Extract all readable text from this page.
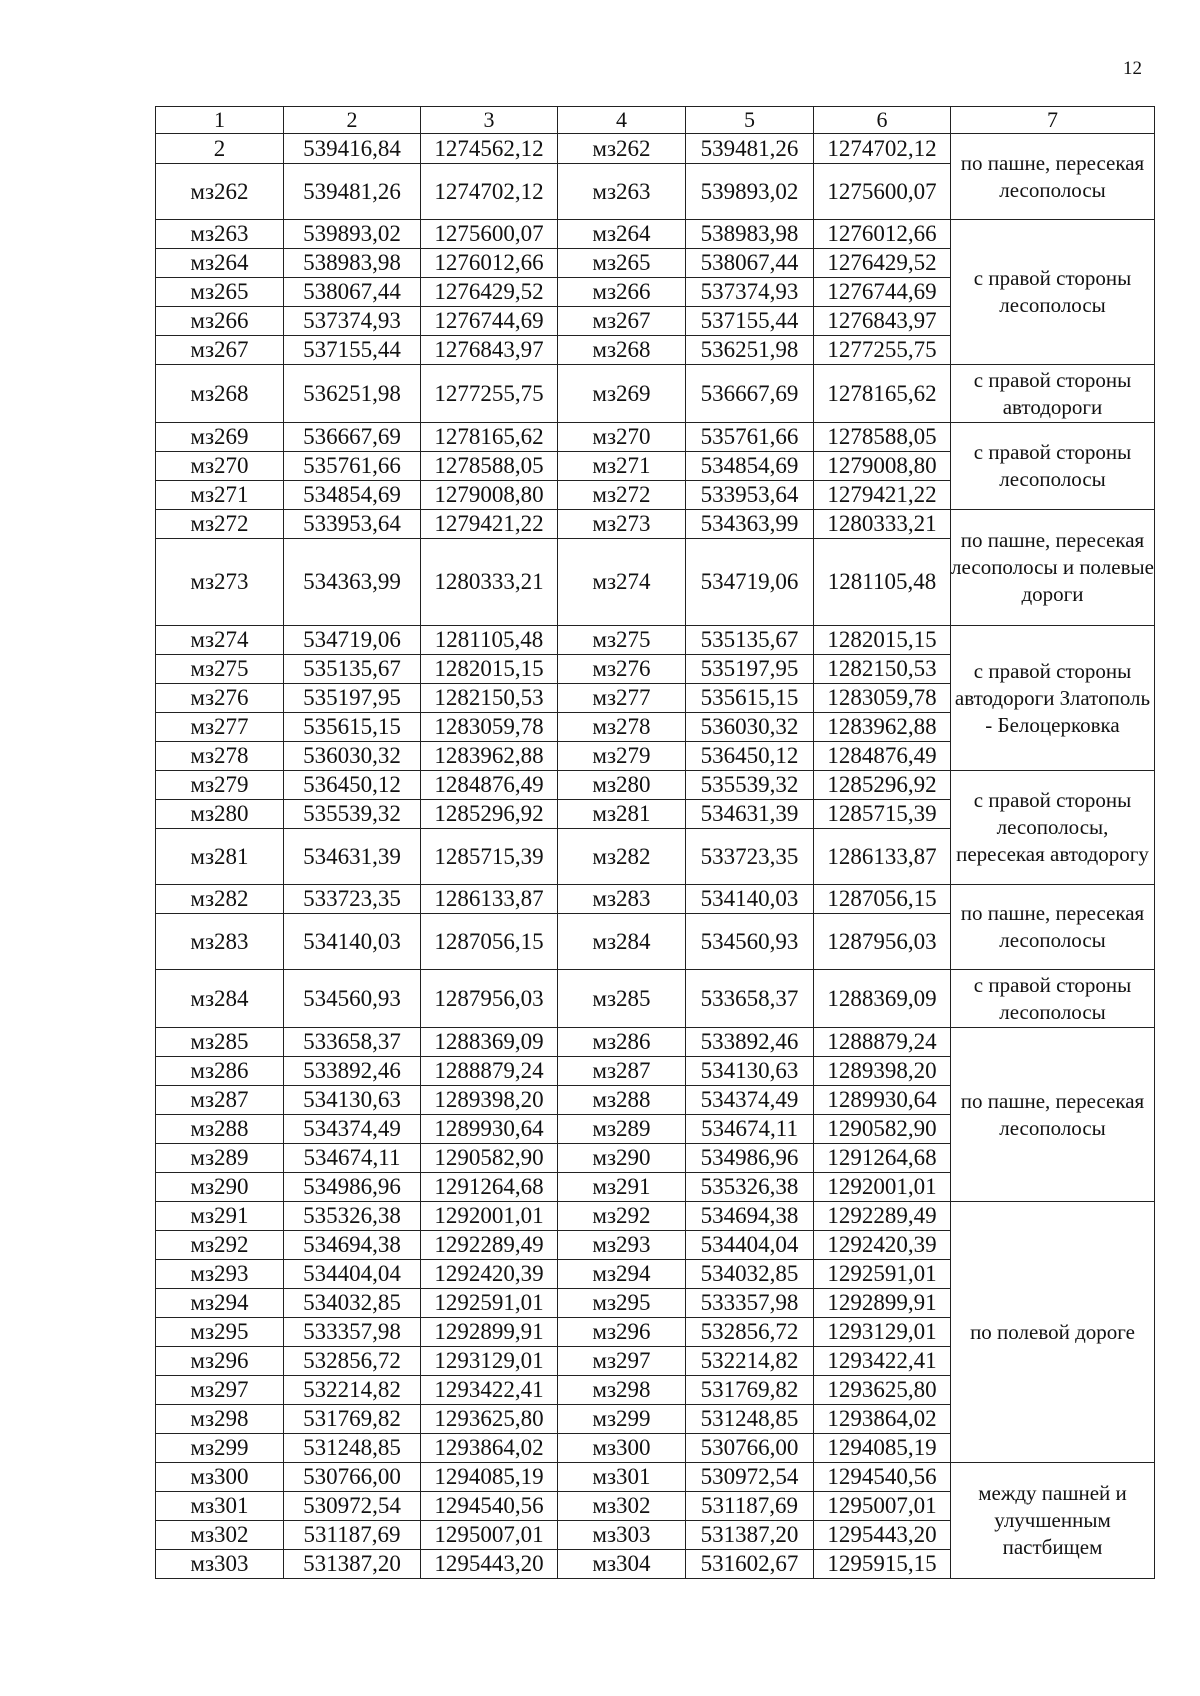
12
1	2	3	4	5	6	7
2	539416,84	1274562,12	мз262	539481,26	1274702,12	по пашне, пересекая лесополосы
мз262	539481,26	1274702,12	мз263	539893,02	1275600,07	
мз263	539893,02	1275600,07	мз264	538983,98	1276012,66	с правой стороны лесополосы
мз264	538983,98	1276012,66	мз265	538067,44	1276429,52	
мз265	538067,44	1276429,52	мз266	537374,93	1276744,69	
мз266	537374,93	1276744,69	мз267	537155,44	1276843,97	
мз267	537155,44	1276843,97	мз268	536251,98	1277255,75	
мз268	536251,98	1277255,75	мз269	536667,69	1278165,62	с правой стороны автодороги
мз269	536667,69	1278165,62	мз270	535761,66	1278588,05	с правой стороны лесополосы
мз270	535761,66	1278588,05	мз271	534854,69	1279008,80	
мз271	534854,69	1279008,80	мз272	533953,64	1279421,22	
мз272	533953,64	1279421,22	мз273	534363,99	1280333,21	по пашне, пересекая лесополосы и полевые дороги
мз273	534363,99	1280333,21	мз274	534719,06	1281105,48	
мз274	534719,06	1281105,48	мз275	535135,67	1282015,15	с правой стороны автодороги Златополь - Белоцерковка
мз275	535135,67	1282015,15	мз276	535197,95	1282150,53	
мз276	535197,95	1282150,53	мз277	535615,15	1283059,78	
мз277	535615,15	1283059,78	мз278	536030,32	1283962,88	
мз278	536030,32	1283962,88	мз279	536450,12	1284876,49	
мз279	536450,12	1284876,49	мз280	535539,32	1285296,92	с правой стороны лесополосы, пересекая автодорогу
мз280	535539,32	1285296,92	мз281	534631,39	1285715,39	
мз281	534631,39	1285715,39	мз282	533723,35	1286133,87	
мз282	533723,35	1286133,87	мз283	534140,03	1287056,15	по пашне, пересекая лесополосы
мз283	534140,03	1287056,15	мз284	534560,93	1287956,03	
мз284	534560,93	1287956,03	мз285	533658,37	1288369,09	с правой стороны лесополосы
мз285	533658,37	1288369,09	мз286	533892,46	1288879,24	по пашне, пересекая лесополосы
мз286	533892,46	1288879,24	мз287	534130,63	1289398,20	
мз287	534130,63	1289398,20	мз288	534374,49	1289930,64	
мз288	534374,49	1289930,64	мз289	534674,11	1290582,90	
мз289	534674,11	1290582,90	мз290	534986,96	1291264,68	
мз290	534986,96	1291264,68	мз291	535326,38	1292001,01	
мз291	535326,38	1292001,01	мз292	534694,38	1292289,49	по полевой дороге
мз292	534694,38	1292289,49	мз293	534404,04	1292420,39	
мз293	534404,04	1292420,39	мз294	534032,85	1292591,01	
мз294	534032,85	1292591,01	мз295	533357,98	1292899,91	
мз295	533357,98	1292899,91	мз296	532856,72	1293129,01	
мз296	532856,72	1293129,01	мз297	532214,82	1293422,41	
мз297	532214,82	1293422,41	мз298	531769,82	1293625,80	
мз298	531769,82	1293625,80	мз299	531248,85	1293864,02	
мз299	531248,85	1293864,02	мз300	530766,00	1294085,19	
мз300	530766,00	1294085,19	мз301	530972,54	1294540,56	между пашней и улучшенным пастбищем
мз301	530972,54	1294540,56	мз302	531187,69	1295007,01	
мз302	531187,69	1295007,01	мз303	531387,20	1295443,20	
мз303	531387,20	1295443,20	мз304	531602,67	1295915,15	
